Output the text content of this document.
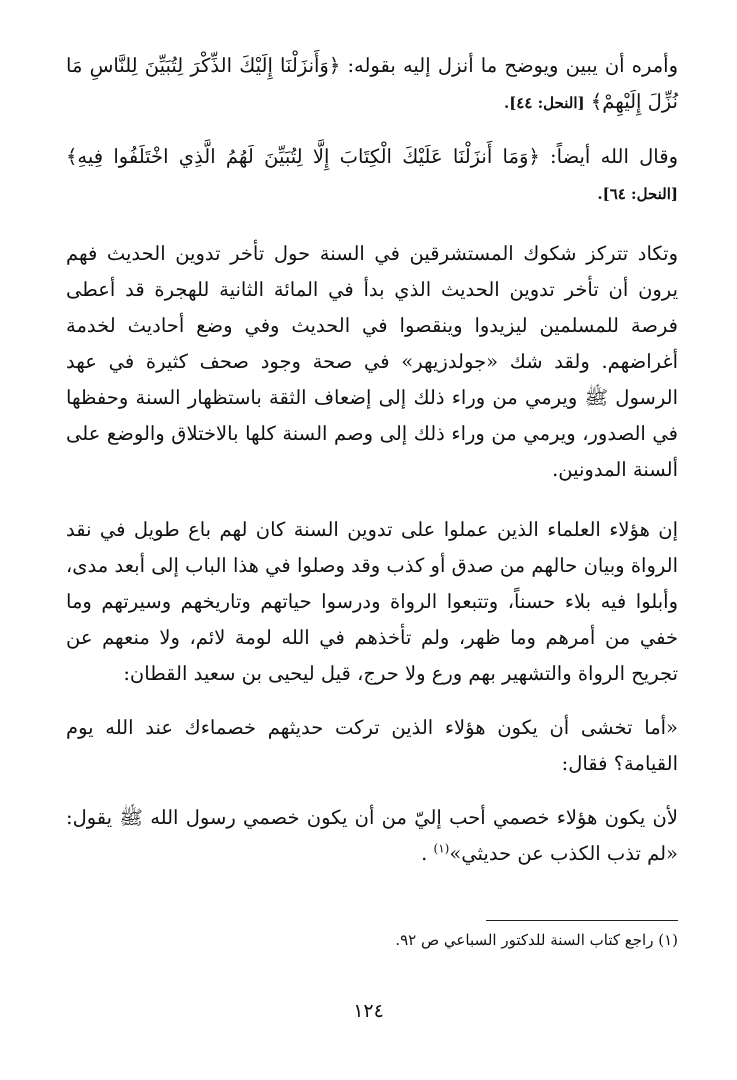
وأمره أن يبين ويوضح ما أنزل إليه بقوله: ﴿وَأَنزَلْنَا إِلَيْكَ الذِّكْرَ لِتُبَيِّنَ لِلنَّاسِ مَا نُزِّلَ إِلَيْهِمْ﴾ [النحل: ٤٤].

وقال الله أيضاً: ﴿وَمَا أَنزَلْنَا عَلَيْكَ الْكِتَابَ إِلَّا لِتُبَيِّنَ لَهُمُ الَّذِي اخْتَلَفُوا فِيهِ﴾ [النحل: ٦٤].

وتكاد تتركز شكوك المستشرقين في السنة حول تأخر تدوين الحديث فهم يرون أن تأخر تدوين الحديث الذي بدأ في المائة الثانية للهجرة قد أعطى فرصة للمسلمين ليزيدوا وينقصوا في الحديث وفي وضع أحاديث لخدمة أغراضهم. ولقد شك «جولدزيهر» في صحة وجود صحف كثيرة في عهد الرسول ﷺ ويرمي من وراء ذلك إلى إضعاف الثقة باستظهار السنة وحفظها في الصدور، ويرمي من وراء ذلك إلى وصم السنة كلها بالاختلاق والوضع على ألسنة المدونين.

إن هؤلاء العلماء الذين عملوا على تدوين السنة كان لهم باع طويل في نقد الرواة وبيان حالهم من صدق أو كذب وقد وصلوا في هذا الباب إلى أبعد مدى، وأبلوا فيه بلاء حسناً، وتتبعوا الرواة ودرسوا حياتهم وتاريخهم وسيرتهم وما خفي من أمرهم وما ظهر، ولم تأخذهم في الله لومة لائم، ولا منعهم عن تجريح الرواة والتشهير بهم ورع ولا حرج، قيل ليحيى بن سعيد القطان:

«أما تخشى أن يكون هؤلاء الذين تركت حديثهم خصماءك عند الله يوم القيامة؟ فقال:

لأن يكون هؤلاء خصمي أحب إليّ من أن يكون خصمي رسول الله ﷺ يقول: «لم تذب الكذب عن حديثي»$^{(١)}$ .

(١) راجع كتاب السنة للدكتور السباعي ص ٩٢.
١٢٤
